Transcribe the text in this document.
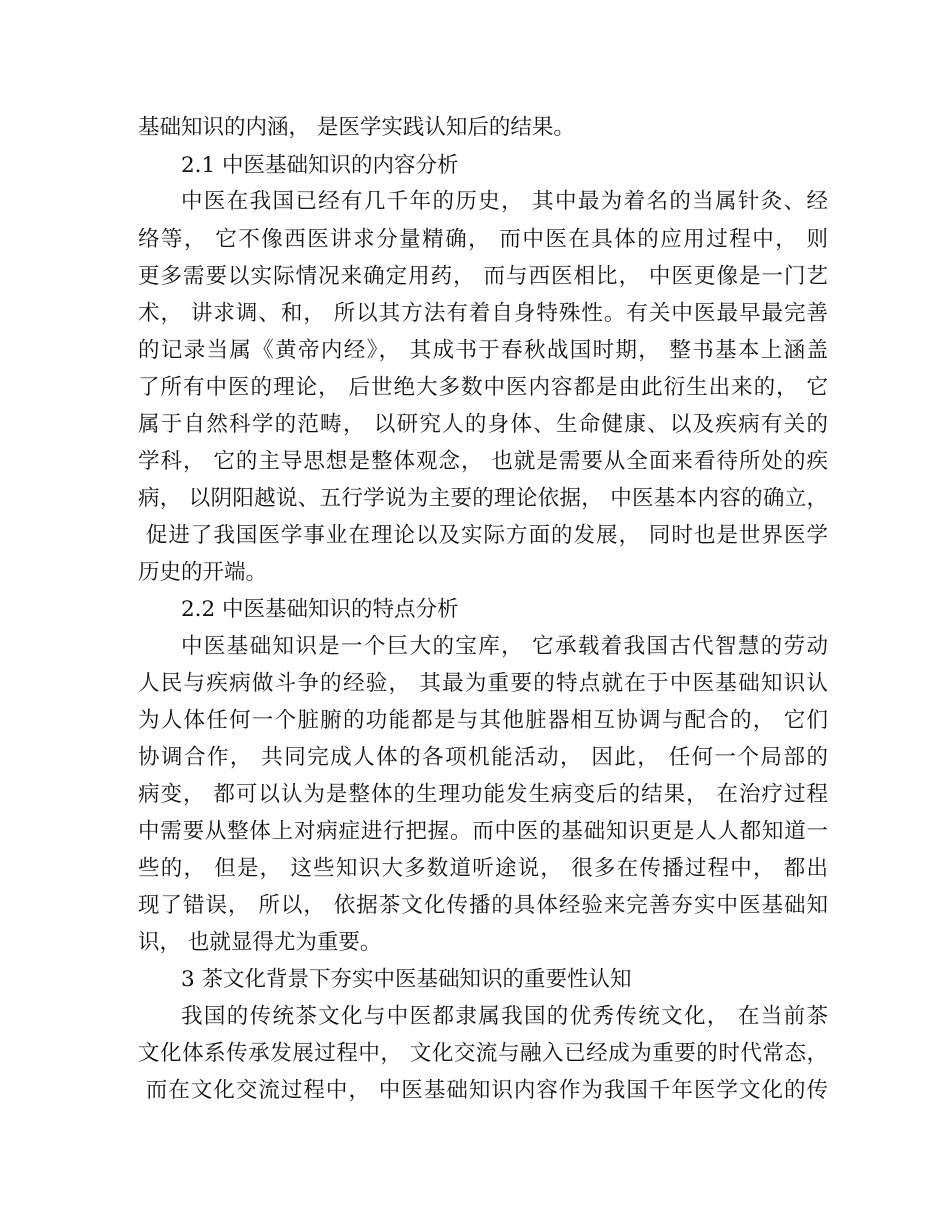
基础知识的内涵， 是医学实践认知后的结果。
2.1 中医基础知识的内容分析
中医在我国已经有几千年的历史， 其中最为着名的当属针灸、经
络等， 它不像西医讲求分量精确， 而中医在具体的应用过程中， 则
更多需要以实际情况来确定用药， 而与西医相比， 中医更像是一门艺
术， 讲求调、和， 所以其方法有着自身特殊性。有关中医最早最完善
的记录当属《黄帝内经》， 其成书于春秋战国时期， 整书基本上涵盖
了所有中医的理论， 后世绝大多数中医内容都是由此衍生出来的， 它
属于自然科学的范畴， 以研究人的身体、生命健康、以及疾病有关的
学科， 它的主导思想是整体观念， 也就是需要从全面来看待所处的疾
病， 以阴阳越说、五行学说为主要的理论依据， 中医基本内容的确立，
促进了我国医学事业在理论以及实际方面的发展， 同时也是世界医学
历史的开端。
2.2 中医基础知识的特点分析
中医基础知识是一个巨大的宝库， 它承载着我国古代智慧的劳动
人民与疾病做斗争的经验， 其最为重要的特点就在于中医基础知识认
为人体任何一个脏腑的功能都是与其他脏器相互协调与配合的， 它们
协调合作， 共同完成人体的各项机能活动， 因此， 任何一个局部的
病变， 都可以认为是整体的生理功能发生病变后的结果， 在治疗过程
中需要从整体上对病症进行把握。而中医的基础知识更是人人都知道一
些的， 但是， 这些知识大多数道听途说， 很多在传播过程中， 都出
现了错误， 所以， 依据茶文化传播的具体经验来完善夯实中医基础知
识， 也就显得尤为重要。
3 茶文化背景下夯实中医基础知识的重要性认知
我国的传统茶文化与中医都隶属我国的优秀传统文化， 在当前茶
文化体系传承发展过程中， 文化交流与融入已经成为重要的时代常态，
而在文化交流过程中， 中医基础知识内容作为我国千年医学文化的传
